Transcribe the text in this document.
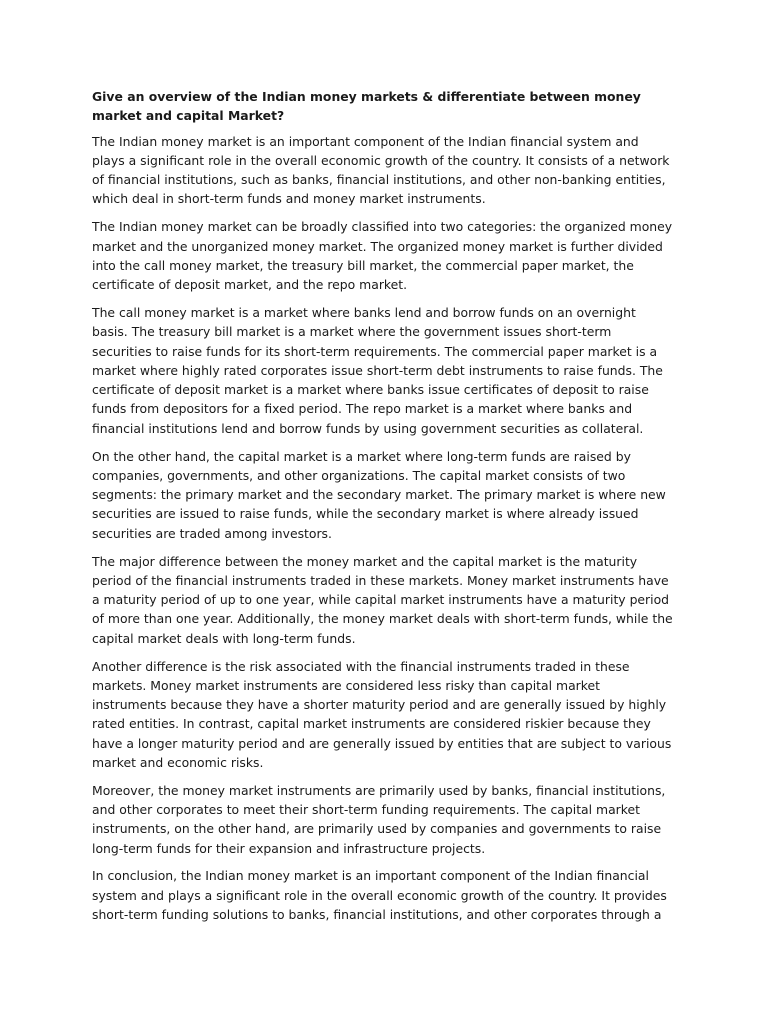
Give an overview of the Indian money markets & differentiate between money market and capital Market?

The Indian money market is an important component of the Indian financial system and plays a significant role in the overall economic growth of the country. It consists of a network of financial institutions, such as banks, financial institutions, and other non-banking entities, which deal in short-term funds and money market instruments.

The Indian money market can be broadly classified into two categories: the organized money market and the unorganized money market. The organized money market is further divided into the call money market, the treasury bill market, the commercial paper market, the certificate of deposit market, and the repo market.

The call money market is a market where banks lend and borrow funds on an overnight basis. The treasury bill market is a market where the government issues short-term securities to raise funds for its short-term requirements. The commercial paper market is a market where highly rated corporates issue short-term debt instruments to raise funds. The certificate of deposit market is a market where banks issue certificates of deposit to raise funds from depositors for a fixed period. The repo market is a market where banks and financial institutions lend and borrow funds by using government securities as collateral.

On the other hand, the capital market is a market where long-term funds are raised by companies, governments, and other organizations. The capital market consists of two segments: the primary market and the secondary market. The primary market is where new securities are issued to raise funds, while the secondary market is where already issued securities are traded among investors.

The major difference between the money market and the capital market is the maturity period of the financial instruments traded in these markets. Money market instruments have a maturity period of up to one year, while capital market instruments have a maturity period of more than one year. Additionally, the money market deals with short-term funds, while the capital market deals with long-term funds.

Another difference is the risk associated with the financial instruments traded in these markets. Money market instruments are considered less risky than capital market instruments because they have a shorter maturity period and are generally issued by highly rated entities. In contrast, capital market instruments are considered riskier because they have a longer maturity period and are generally issued by entities that are subject to various market and economic risks.

Moreover, the money market instruments are primarily used by banks, financial institutions, and other corporates to meet their short-term funding requirements. The capital market instruments, on the other hand, are primarily used by companies and governments to raise long-term funds for their expansion and infrastructure projects.

In conclusion, the Indian money market is an important component of the Indian financial system and plays a significant role in the overall economic growth of the country. It provides short-term funding solutions to banks, financial institutions, and other corporates through a
